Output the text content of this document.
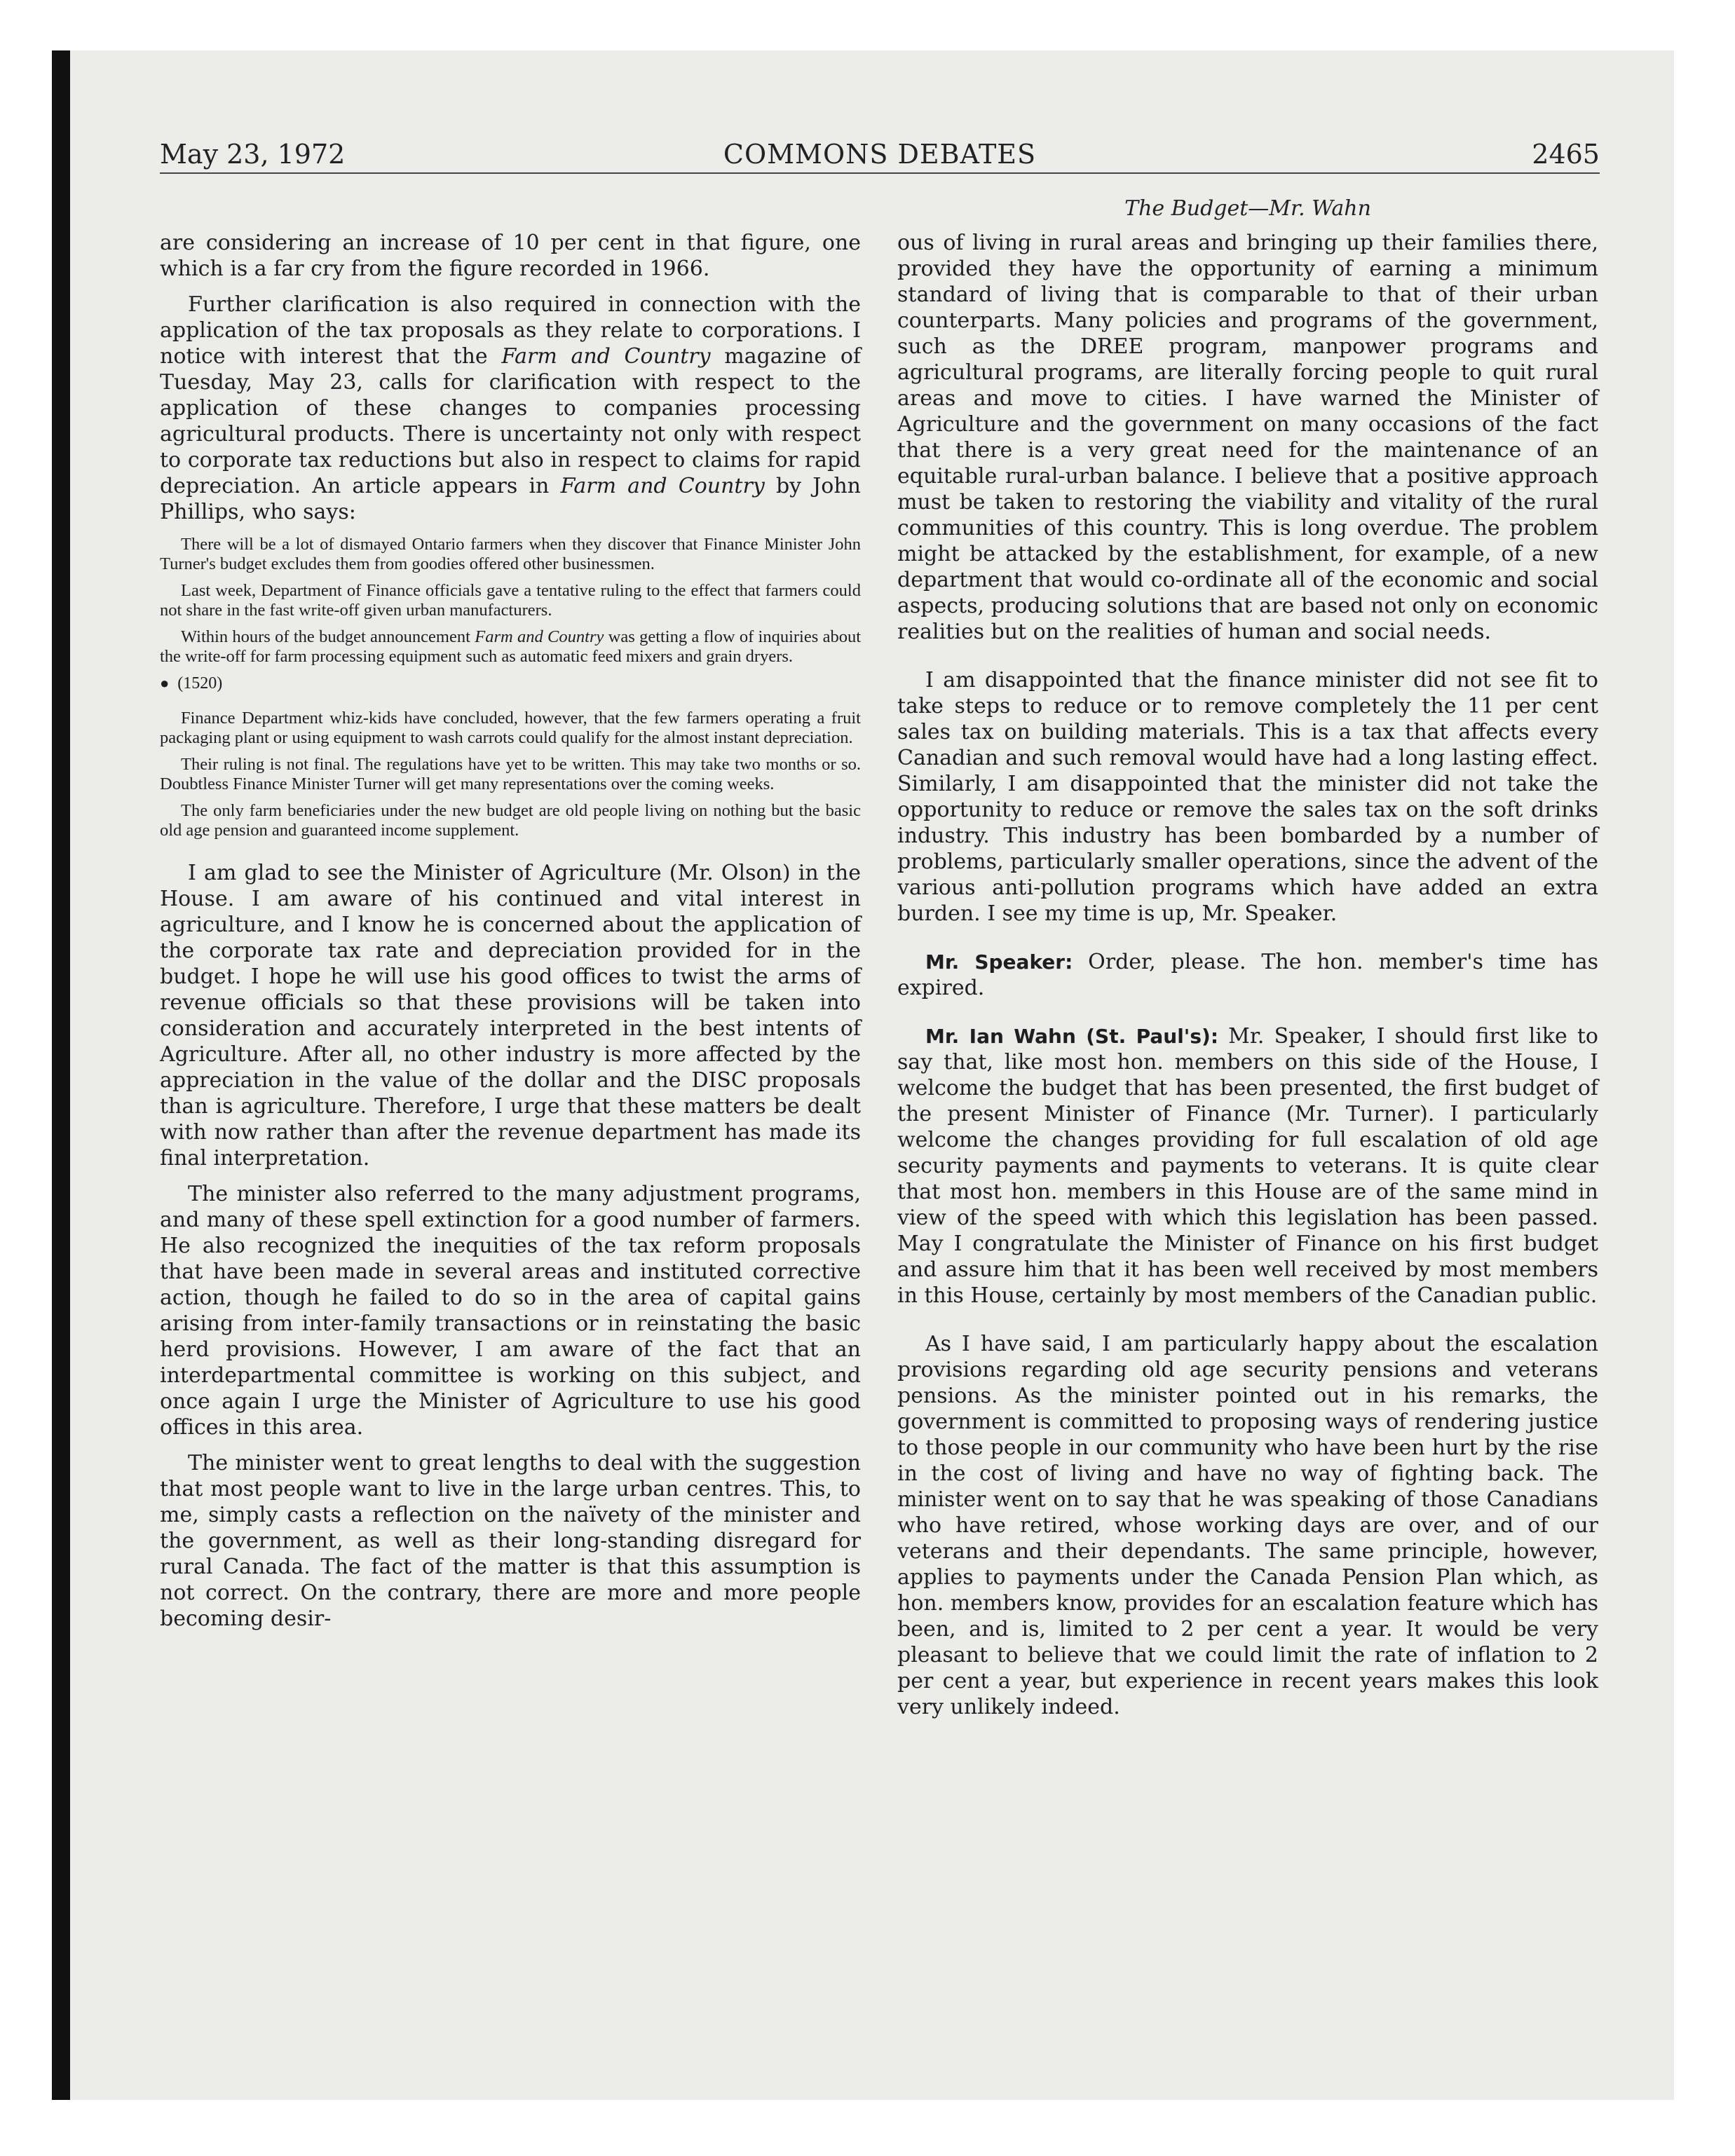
May 23, 1972	COMMONS DEBATES	2465
The Budget—Mr. Wahn

are considering an increase of 10 per cent in that figure, one which is a far cry from the figure recorded in 1966.

Further clarification is also required in connection with the application of the tax proposals as they relate to corporations. I notice with interest that the Farm and Country magazine of Tuesday, May 23, calls for clarification with respect to the application of these changes to companies processing agricultural products. There is uncertainty not only with respect to corporate tax reductions but also in respect to claims for rapid depreciation. An article appears in Farm and Country by John Phillips, who says:

There will be a lot of dismayed Ontario farmers when they discover that Finance Minister John Turner's budget excludes them from goodies offered other businessmen.

Last week, Department of Finance officials gave a tentative ruling to the effect that farmers could not share in the fast write-off given urban manufacturers.

Within hours of the budget announcement Farm and Country was getting a flow of inquiries about the write-off for farm processing equipment such as automatic feed mixers and grain dryers.

● (1520)

Finance Department whiz-kids have concluded, however, that the few farmers operating a fruit packaging plant or using equipment to wash carrots could qualify for the almost instant depreciation.

Their ruling is not final. The regulations have yet to be written. This may take two months or so. Doubtless Finance Minister Turner will get many representations over the coming weeks.

The only farm beneficiaries under the new budget are old people living on nothing but the basic old age pension and guaranteed income supplement.

I am glad to see the Minister of Agriculture (Mr. Olson) in the House. I am aware of his continued and vital interest in agriculture, and I know he is concerned about the application of the corporate tax rate and depreciation provided for in the budget. I hope he will use his good offices to twist the arms of revenue officials so that these provisions will be taken into consideration and accurately interpreted in the best intents of Agriculture. After all, no other industry is more affected by the appreciation in the value of the dollar and the DISC proposals than is agriculture. Therefore, I urge that these matters be dealt with now rather than after the revenue department has made its final interpretation.

The minister also referred to the many adjustment programs, and many of these spell extinction for a good number of farmers. He also recognized the inequities of the tax reform proposals that have been made in several areas and instituted corrective action, though he failed to do so in the area of capital gains arising from inter-family transactions or in reinstating the basic herd provisions. However, I am aware of the fact that an interdepartmental committee is working on this subject, and once again I urge the Minister of Agriculture to use his good offices in this area.

The minister went to great lengths to deal with the suggestion that most people want to live in the large urban centres. This, to me, simply casts a reflection on the naïvety of the minister and the government, as well as their long-standing disregard for rural Canada. The fact of the matter is that this assumption is not correct. On the contrary, there are more and more people becoming desir-

ous of living in rural areas and bringing up their families there, provided they have the opportunity of earning a minimum standard of living that is comparable to that of their urban counterparts. Many policies and programs of the government, such as the DREE program, manpower programs and agricultural programs, are literally forcing people to quit rural areas and move to cities. I have warned the Minister of Agriculture and the government on many occasions of the fact that there is a very great need for the maintenance of an equitable rural-urban balance. I believe that a positive approach must be taken to restoring the viability and vitality of the rural communities of this country. This is long overdue. The problem might be attacked by the establishment, for example, of a new department that would co-ordinate all of the economic and social aspects, producing solutions that are based not only on economic realities but on the realities of human and social needs.

I am disappointed that the finance minister did not see fit to take steps to reduce or to remove completely the 11 per cent sales tax on building materials. This is a tax that affects every Canadian and such removal would have had a long lasting effect. Similarly, I am disappointed that the minister did not take the opportunity to reduce or remove the sales tax on the soft drinks industry. This industry has been bombarded by a number of problems, particularly smaller operations, since the advent of the various anti-pollution programs which have added an extra burden. I see my time is up, Mr. Speaker.

Mr. Speaker: Order, please. The hon. member's time has expired.

Mr. Ian Wahn (St. Paul's): Mr. Speaker, I should first like to say that, like most hon. members on this side of the House, I welcome the budget that has been presented, the first budget of the present Minister of Finance (Mr. Turner). I particularly welcome the changes providing for full escalation of old age security payments and payments to veterans. It is quite clear that most hon. members in this House are of the same mind in view of the speed with which this legislation has been passed. May I congratulate the Minister of Finance on his first budget and assure him that it has been well received by most members in this House, certainly by most members of the Canadian public.

As I have said, I am particularly happy about the escalation provisions regarding old age security pensions and veterans pensions. As the minister pointed out in his remarks, the government is committed to proposing ways of rendering justice to those people in our community who have been hurt by the rise in the cost of living and have no way of fighting back. The minister went on to say that he was speaking of those Canadians who have retired, whose working days are over, and of our veterans and their dependants. The same principle, however, applies to payments under the Canada Pension Plan which, as hon. members know, provides for an escalation feature which has been, and is, limited to 2 per cent a year. It would be very pleasant to believe that we could limit the rate of inflation to 2 per cent a year, but experience in recent years makes this look very unlikely indeed.
